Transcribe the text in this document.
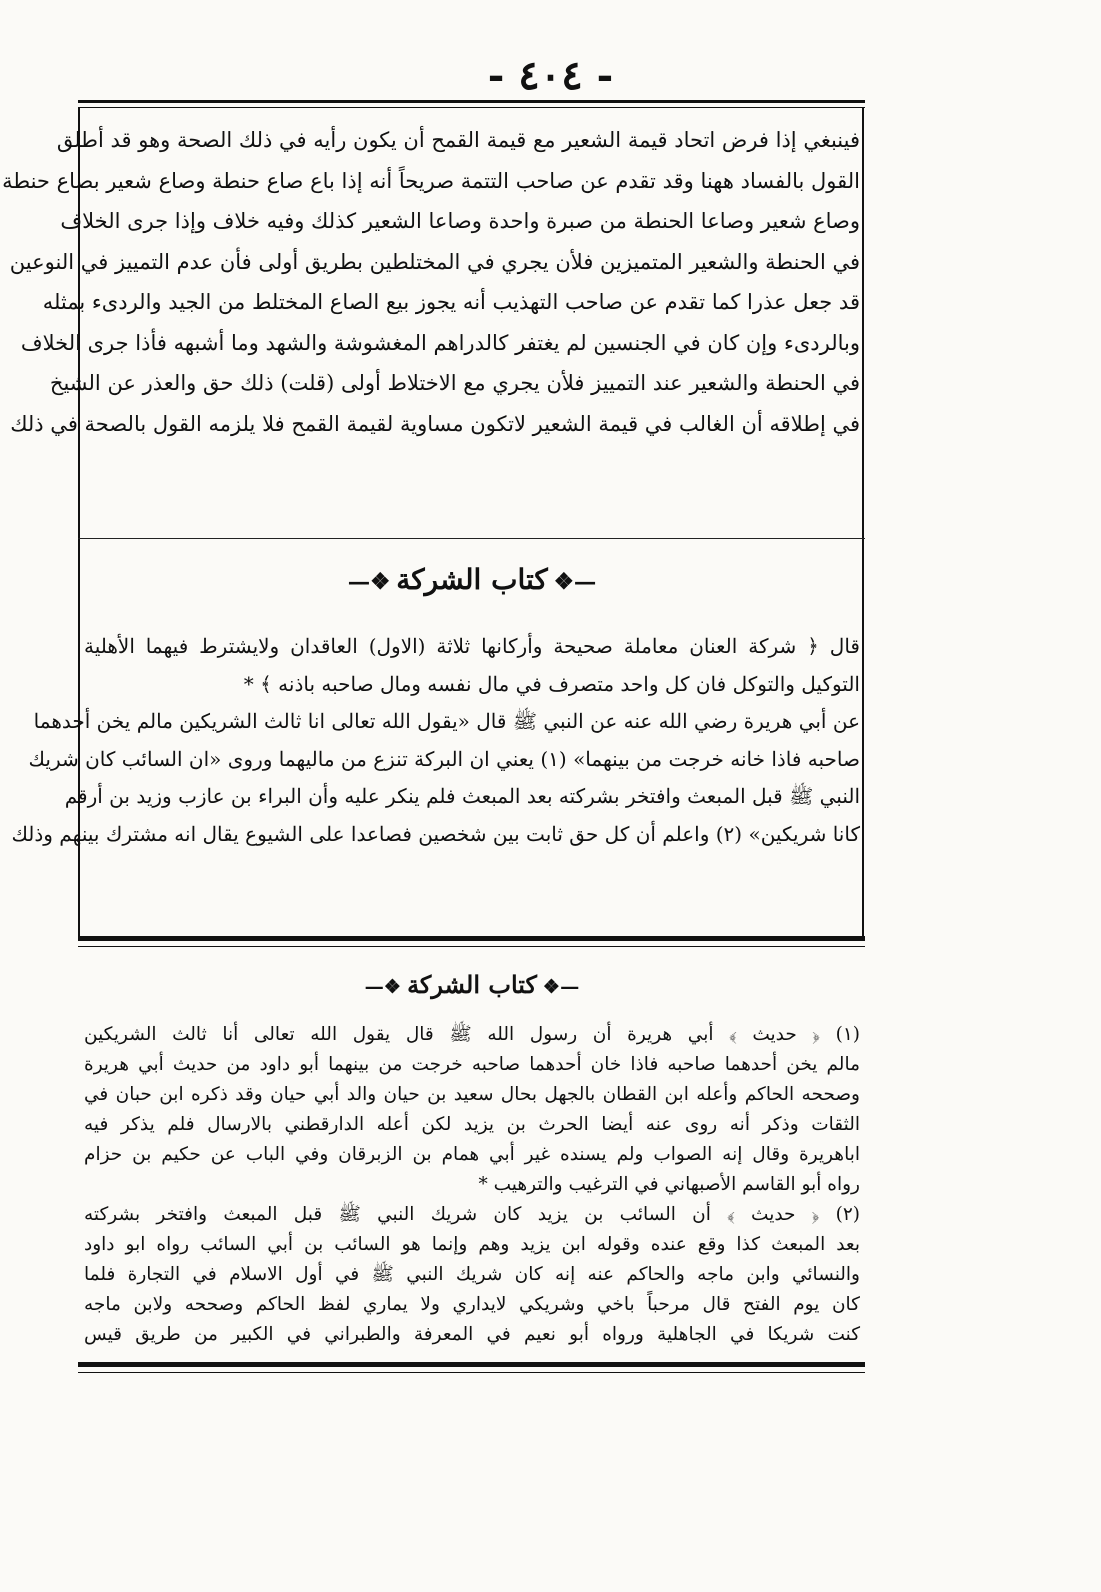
- ٤٠٤ -
فينبغي إذا فرض اتحاد قيمة الشعير مع قيمة القمح أن يكون رأيه في ذلك الصحة وهو قد أطلق
القول بالفساد ههنا وقد تقدم عن صاحب التتمة صريحاً أنه إذا باع صاع حنطة وصاع شعير بصاع حنطة
وصاع شعير وصاعا الحنطة من صبرة واحدة وصاعا الشعير كذلك وفيه خلاف وإذا جرى الخلاف
في الحنطة والشعير المتميزين فلأن يجري في المختلطين بطريق أولى فأن عدم التمييز في النوعين
قد جعل عذرا كما تقدم عن صاحب التهذيب أنه يجوز بيع الصاع المختلط من الجيد والردىء بمثله
وبالردىء وإن كان في الجنسين لم يغتفر كالدراهم المغشوشة والشهد وما أشبهه فأذا جرى الخلاف
في الحنطة والشعير عند التمييز فلأن يجري مع الاختلاط أولى (قلت) ذلك حق والعذر عن الشيخ
في إطلاقه أن الغالب في قيمة الشعير لاتكون مساوية لقيمة القمح فلا يلزمه القول بالصحة في ذلك
—❖كتاب الشركة❖—
قال ﴿ شركة العنان معاملة صحيحة وأركانها ثلاثة (الاول) العاقدان ولايشترط فيهما الأهلية
التوكيل والتوكل فان كل واحد متصرف في مال نفسه ومال صاحبه باذنه ﴾ *
عن أبي هريرة رضي الله عنه عن النبي ﷺ قال «يقول الله تعالى انا ثالث الشريكين مالم يخن أحدهما
صاحبه فاذا خانه خرجت من بينهما» (١) يعني ان البركة تنزع من ماليهما وروى «ان السائب كان شريك
النبي ﷺ قبل المبعث وافتخر بشركته بعد المبعث فلم ينكر عليه وأن البراء بن عازب وزيد بن أرقم
كانا شريكين» (٢) واعلم أن كل حق ثابت بين شخصين فصاعدا على الشيوع يقال انه مشترك بينهم وذلك
—❖كتاب الشركة❖—
(١) ﴿ حديث ﴾ أبي هريرة أن رسول الله ﷺ قال يقول الله تعالى أنا ثالث الشريكين
مالم يخن أحدهما صاحبه فاذا خان أحدهما صاحبه خرجت من بينهما أبو داود من حديث أبي هريرة
وصححه الحاكم وأعله ابن القطان بالجهل بحال سعيد بن حيان والد أبي حيان وقد ذكره ابن حبان في
الثقات وذكر أنه روى عنه أيضا الحرث بن يزيد لكن أعله الدارقطني بالارسال فلم يذكر فيه
اباهريرة وقال إنه الصواب ولم يسنده غير أبي همام بن الزبرقان وفي الباب عن حكيم بن حزام
رواه أبو القاسم الأصبهاني في الترغيب والترهيب *
(٢) ﴿ حديث ﴾ أن السائب بن يزيد كان شريك النبي ﷺ قبل المبعث وافتخر بشركته
بعد المبعث كذا وقع عنده وقوله ابن يزيد وهم وإنما هو السائب بن أبي السائب رواه ابو داود
والنسائي وابن ماجه والحاكم عنه إنه كان شريك النبي ﷺ في أول الاسلام في التجارة فلما
كان يوم الفتح قال مرحباً باخي وشريكي لايداري ولا يماري لفظ الحاكم وصححه ولابن ماجه
كنت شريكا في الجاهلية ورواه أبو نعيم في المعرفة والطبراني في الكبير من طريق قيس
